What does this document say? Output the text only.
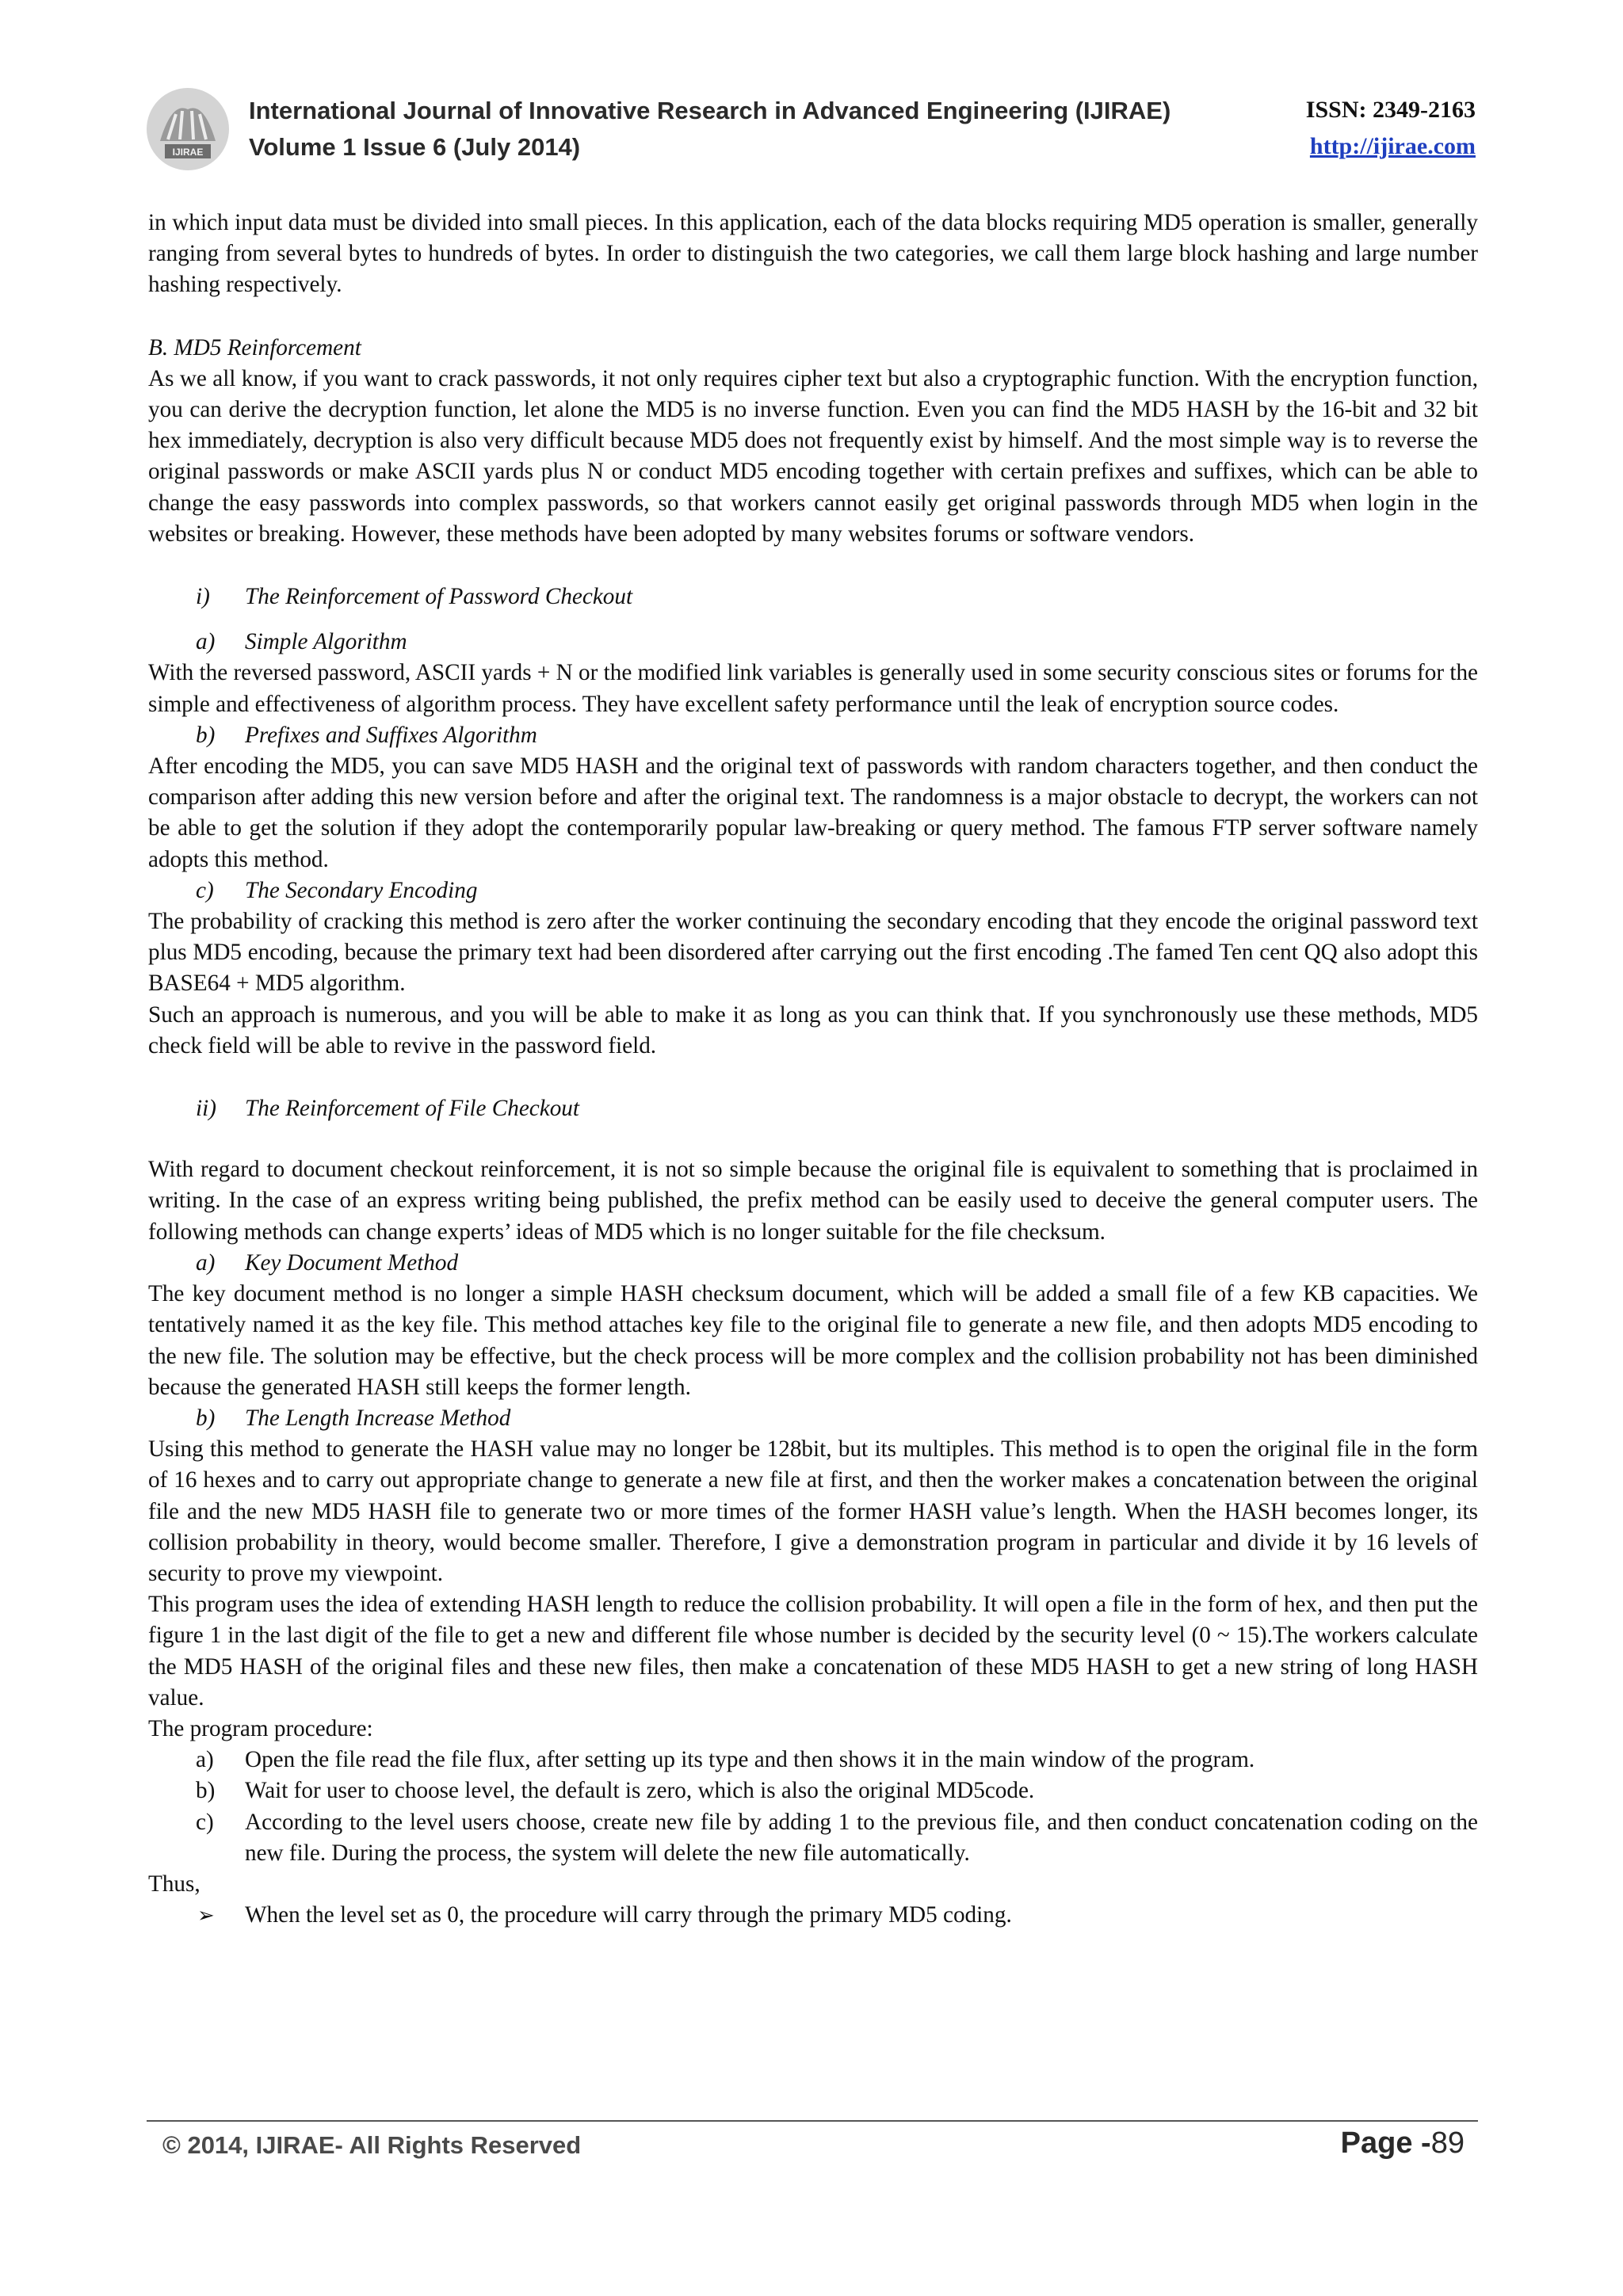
IJIRAE
International Journal of Innovative Research in Advanced Engineering (IJIRAE)
Volume 1 Issue 6 (July 2014)
ISSN: 2349-2163
http://ijirae.com

in which input data must be divided into small pieces. In this application, each of the data blocks requiring MD5 operation is smaller, generally ranging from several bytes to hundreds of bytes. In order to distinguish the two categories, we call them large block hashing and large number hashing respectively.

B. MD5 Reinforcement

As we all know, if you want to crack passwords, it not only requires cipher text but also a cryptographic function. With the encryption function, you can derive the decryption function, let alone the MD5 is no inverse function. Even you can find the MD5 HASH by the 16-bit and 32 bit hex immediately, decryption is also very difficult because MD5 does not frequently exist by himself. And the most simple way is to reverse the original passwords or make ASCII yards plus N or conduct MD5 encoding together with certain prefixes and suffixes, which can be able to change the easy passwords into complex passwords, so that workers cannot easily get original passwords through MD5 when login in the websites or breaking. However, these methods have been adopted by many websites forums or software vendors.

i) The Reinforcement of Password Checkout

a) Simple Algorithm

With the reversed password, ASCII yards + N or the modified link variables is generally used in some security conscious sites or forums for the simple and effectiveness of algorithm process. They have excellent safety performance until the leak of encryption source codes.

b) Prefixes and Suffixes Algorithm

After encoding the MD5, you can save MD5 HASH and the original text of passwords with random characters together, and then conduct the comparison after adding this new version before and after the original text. The randomness is a major obstacle to decrypt, the workers can not be able to get the solution if they adopt the contemporarily popular law-breaking or query method. The famous FTP server software namely adopts this method.

c) The Secondary Encoding

The probability of cracking this method is zero after the worker continuing the secondary encoding that they encode the original password text plus MD5 encoding, because the primary text had been disordered after carrying out the first encoding .The famed Ten cent QQ also adopt this BASE64 + MD5 algorithm.

Such an approach is numerous, and you will be able to make it as long as you can think that. If you synchronously use these methods, MD5 check field will be able to revive in the password field.

ii) The Reinforcement of File Checkout

With regard to document checkout reinforcement, it is not so simple because the original file is equivalent to something that is proclaimed in writing. In the case of an express writing being published, the prefix method can be easily used to deceive the general computer users. The following methods can change experts’ ideas of MD5 which is no longer suitable for the file checksum.

a) Key Document Method

The key document method is no longer a simple HASH checksum document, which will be added a small file of a few KB capacities. We tentatively named it as the key file. This method attaches key file to the original file to generate a new file, and then adopts MD5 encoding to the new file. The solution may be effective, but the check process will be more complex and the collision probability not has been diminished because the generated HASH still keeps the former length.

b) The Length Increase Method

Using this method to generate the HASH value may no longer be 128bit, but its multiples. This method is to open the original file in the form of 16 hexes and to carry out appropriate change to generate a new file at first, and then the worker makes a concatenation between the original file and the new MD5 HASH file to generate two or more times of the former HASH value’s length. When the HASH becomes longer, its collision probability in theory, would become smaller. Therefore, I give a demonstration program in particular and divide it by 16 levels of security to prove my viewpoint.

This program uses the idea of extending HASH length to reduce the collision probability. It will open a file in the form of hex, and then put the figure 1 in the last digit of the file to get a new and different file whose number is decided by the security level (0 ~ 15).The workers calculate the MD5 HASH of the original files and these new files, then make a concatenation of these MD5 HASH to get a new string of long HASH value.

The program procedure:

a) Open the file read the file flux, after setting up its type and then shows it in the main window of the program.
b) Wait for user to choose level, the default is zero, which is also the original MD5code.
c) According to the level users choose, create new file by adding 1 to the previous file, and then conduct concatenation coding on the new file. During the process, the system will delete the new file automatically.

Thus,

➢ When the level set as 0, the procedure will carry through the primary MD5 coding.

© 2014, IJIRAE- All Rights Reserved	Page -89
